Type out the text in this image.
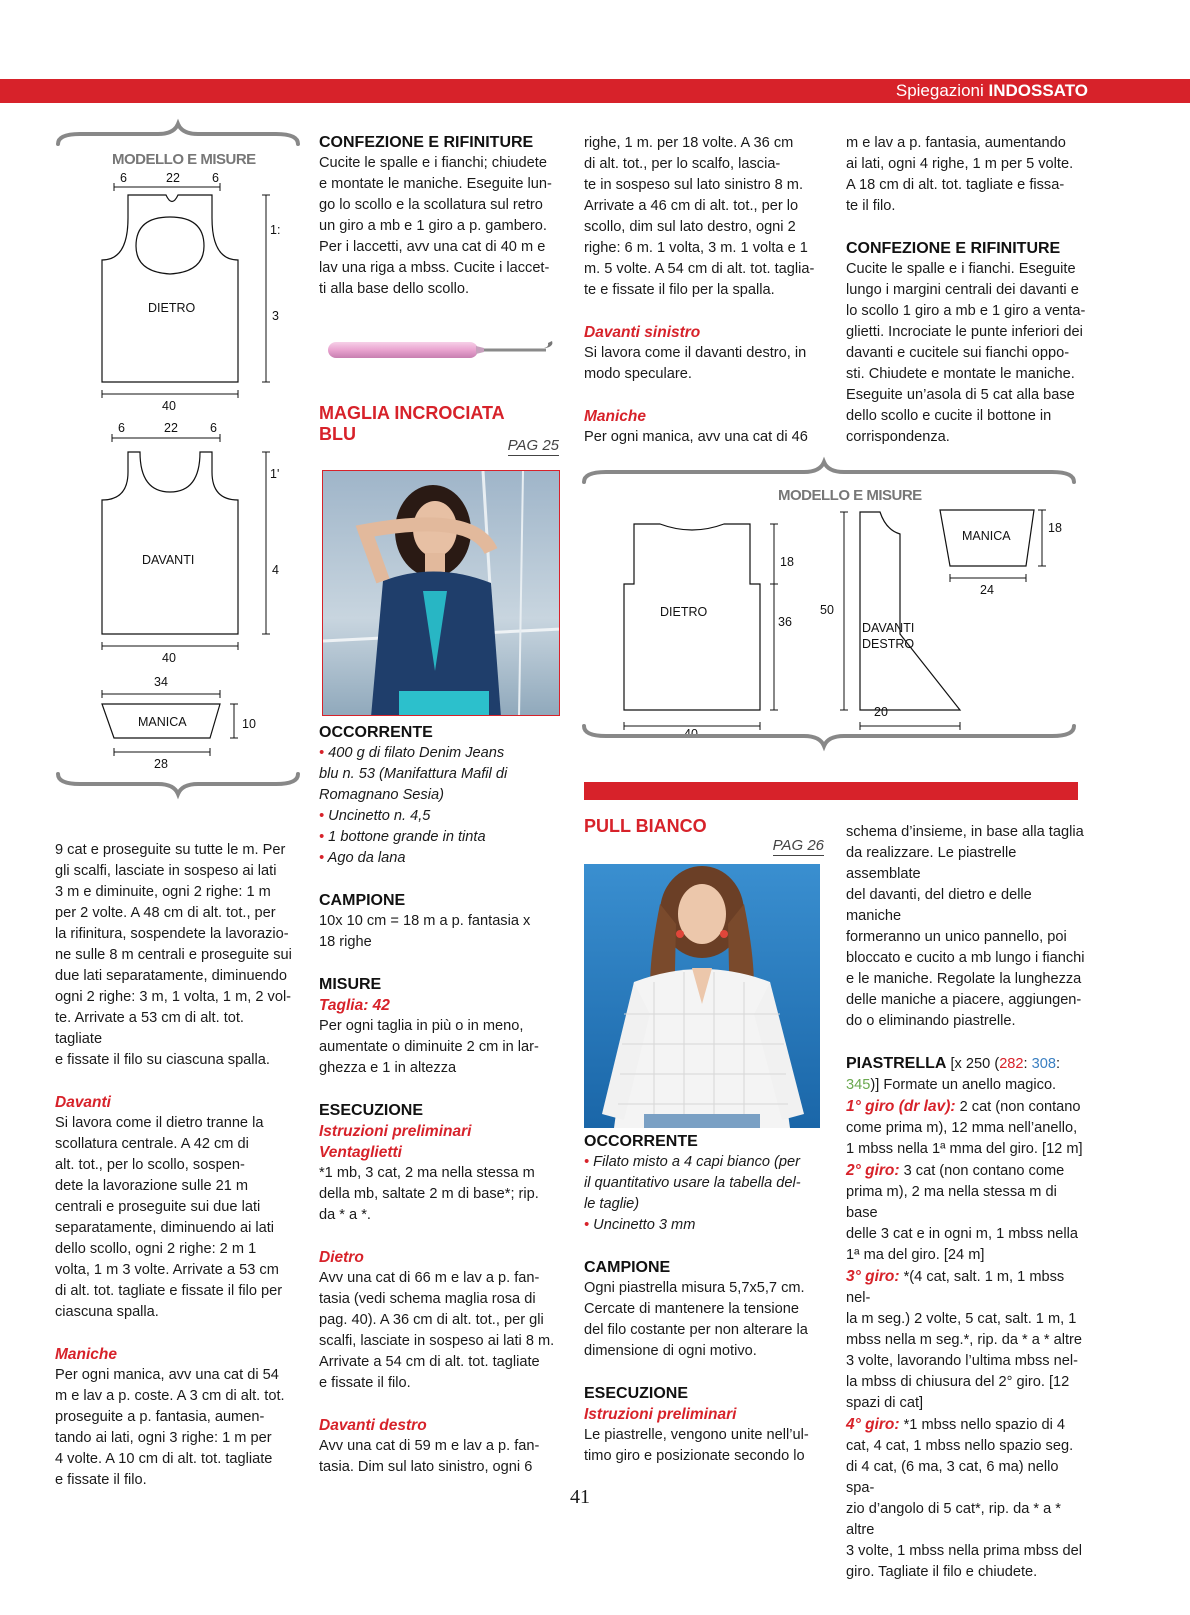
Spiegazioni INDOSSATO
MODELLO E MISURE
6	22	6
DIETRO
1:
3
40
6	22	6
DAVANTI
1'
4
40
34
MANICA	10
28

9 cat e proseguite su tutte le m. Per

gli scalfi, lasciate in sospeso ai lati

3 m e diminuite, ogni 2 righe: 1 m

per 2 volte. A 48 cm di alt. tot., per

la rifinitura, sospendete la lavorazio-

ne sulle 8 m centrali e proseguite sui

due lati separatamente, diminuendo

ogni 2 righe: 3 m, 1 volta, 1 m, 2 vol-

te. Arrivate a 53 cm di alt. tot. tagliate

e fissate il filo su ciascuna spalla.

Davanti

Si lavora come il dietro tranne la

scollatura centrale. A 42 cm di

alt. tot., per lo scollo, sospen-

dete la lavorazione sulle 21 m

centrali e proseguite sui due lati

separatamente, diminuendo ai lati

dello scollo, ogni 2 righe: 2 m 1

volta, 1 m 3 volte. Arrivate a 53 cm

di alt. tot. tagliate e fissate il filo per

ciascuna spalla.

Maniche

Per ogni manica, avv una cat di 54

m e lav a p. coste. A 3 cm di alt. tot.

proseguite a p. fantasia, aumen-

tando ai lati, ogni 3 righe: 1 m per

4 volte. A 10 cm di alt. tot. tagliate

e fissate il filo.

CONFEZIONE E RIFINITURE

Cucite le spalle e i fianchi; chiudete

e montate le maniche. Eseguite lun-

go lo scollo e la scollatura sul retro

un giro a mb e 1 giro a p. gambero.

Per i laccetti, avv una cat di 40 m e

lav una riga a mbss. Cucite i laccet-

ti alla base dello scollo.

MAGLIA INCROCIATA
BLU
PAG 25
OCCORRENTE

• 400 g di filato Denim Jeans

blu n. 53 (Manifattura Mafil di

Romagnano Sesia)

• Uncinetto n. 4,5

• 1 bottone grande in tinta

• Ago da lana

CAMPIONE

10x 10 cm = 18 m a p. fantasia x

18 righe

MISURE
Taglia: 42

Per ogni taglia in più o in meno,

aumentate o diminuite 2 cm in lar-

ghezza e 1 in altezza

ESECUZIONE
Istruzioni preliminari
Ventaglietti

*1 mb, 3 cat, 2 ma nella stessa m

della mb, saltate 2 m di base*; rip.

da * a *.

Dietro

Avv una cat di 66 m e lav a p. fan-

tasia (vedi schema maglia rosa di

pag. 40). A 36 cm di alt. tot., per gli

scalfi, lasciate in sospeso ai lati 8 m.

Arrivate a 54 cm di alt. tot. tagliate

e fissate il filo.

Davanti destro

Avv una cat di 59 m e lav a p. fan-

tasia. Dim sul lato sinistro, ogni 6

righe, 1 m. per 18 volte. A 36 cm

di alt. tot., per lo scalfo, lascia-

te in sospeso sul lato sinistro 8 m.

Arrivate a 46 cm di alt. tot., per lo

scollo, dim sul lato destro, ogni 2

righe: 6 m. 1 volta, 3 m. 1 volta e 1

m. 5 volte. A 54 cm di alt. tot. taglia-

te e fissate il filo per la spalla.

Davanti sinistro

Si lavora come il davanti destro, in

modo speculare.

Maniche

Per ogni manica, avv una cat di 46

m e lav a p. fantasia, aumentando

ai lati, ogni 4 righe, 1 m per 5 volte.

A 18 cm di alt. tot. tagliate e fissa-

te il filo.

CONFEZIONE E RIFINITURE

Cucite le spalle e i fianchi. Eseguite

lungo i margini centrali dei davanti e

lo scollo 1 giro a mb e 1 giro a venta-

glietti. Incrociate le punte inferiori dei

davanti e cucitele sui fianchi oppo-

sti. Chiudete e montate le maniche.

Eseguite un’asola di 5 cat alla base

dello scollo e cucite il bottone in

corrispondenza.

MODELLO E MISURE
DIETRO
18
36
40
DAVANTI
DESTRO
50
20
MANICA
18
24
PULL BIANCO
PAG 26
OCCORRENTE

• Filato misto a 4 capi bianco (per

il quantitativo usare la tabella del-

le taglie)

• Uncinetto 3 mm

CAMPIONE

Ogni piastrella misura 5,7x5,7 cm.

Cercate di mantenere la tensione

del filo costante per non alterare la

dimensione di ogni motivo.

ESECUZIONE
Istruzioni preliminari

Le piastrelle, vengono unite nell’ul-

timo giro e posizionate secondo lo

schema d’insieme, in base alla taglia

da realizzare. Le piastrelle assemblate

del davanti, del dietro e delle maniche

formeranno un unico pannello, poi

bloccato e cucito a mb lungo i fianchi

e le maniche. Regolate la lunghezza

delle maniche a piacere, aggiungen-

do o eliminando piastrelle.

PIASTRELLA [x 250 (282: 308:

345)] Formate un anello magico.

1° giro (dr lav): 2 cat (non contano

come prima m), 12 mma nell’anello,

1 mbss nella 1ª mma del giro. [12 m]

2° giro: 3 cat (non contano come

prima m), 2 ma nella stessa m di base

delle 3 cat e in ogni m, 1 mbss nella

1ª ma del giro. [24 m]

3° giro: *(4 cat, salt. 1 m, 1 mbss nel-

la m seg.) 2 volte, 5 cat, salt. 1 m, 1

mbss nella m seg.*, rip. da * a * altre

3 volte, lavorando l’ultima mbss nel-

la mbss di chiusura del 2° giro. [12

spazi di cat]

4° giro: *1 mbss nello spazio di 4

cat, 4 cat, 1 mbss nello spazio seg.

di 4 cat, (6 ma, 3 cat, 6 ma) nello spa-

zio d’angolo di 5 cat*, rip. da * a * altre

3 volte, 1 mbss nella prima mbss del

giro. Tagliate il filo e chiudete.

41
